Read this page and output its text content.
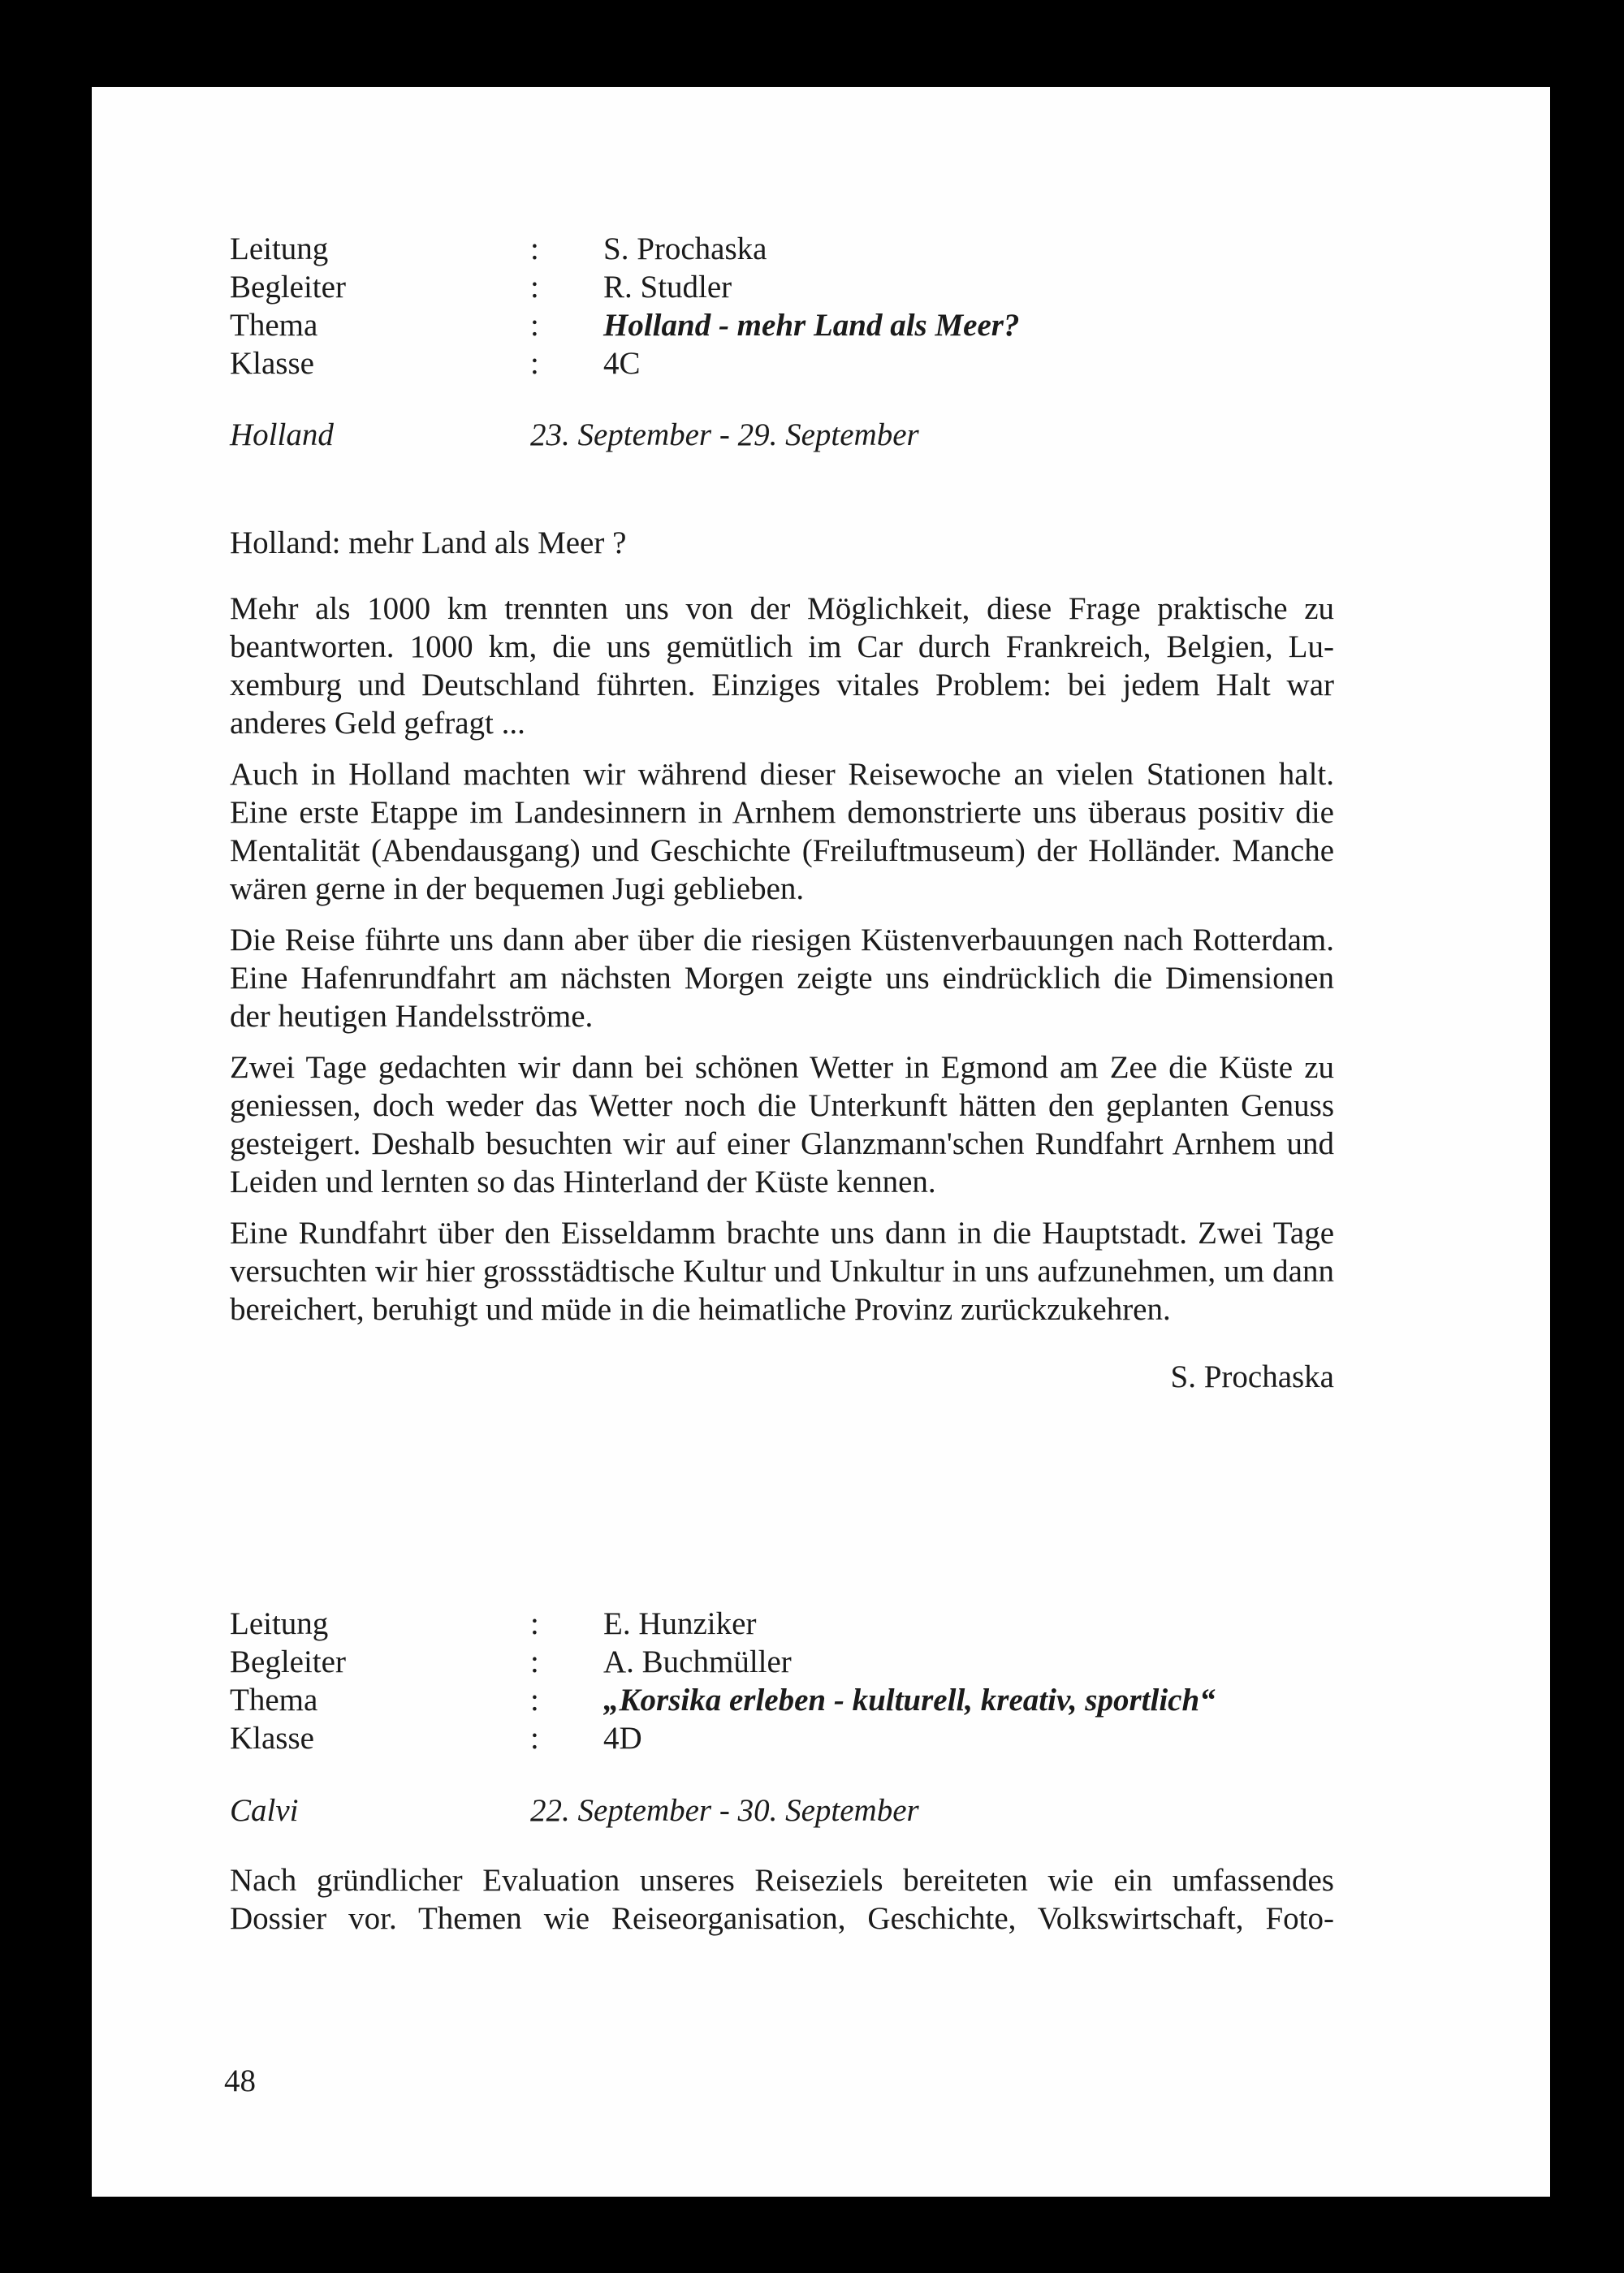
Leitung	: S. Prochaska
Begleiter	: R. Studler
Thema	: Holland - mehr Land als Meer?
Klasse	: 4C
Holland	23. September - 29. September
Holland: mehr Land als Meer ?

Mehr als 1000 km trennten uns von der Möglichkeit, diese Frage praktische zu beantworten. 1000 km, die uns gemütlich im Car durch Frankreich, Belgien, Luxemburg und Deutschland führten. Einziges vitales Problem: bei jedem Halt war anderes Geld gefragt ...

Auch in Holland machten wir während dieser Reisewoche an vielen Stationen halt. Eine erste Etappe im Landesinnern in Arnhem demonstrierte uns überaus positiv die Mentalität (Abendausgang) und Geschichte (Freiluftmuseum) der Holländer. Manche wären gerne in der bequemen Jugi geblieben.

Die Reise führte uns dann aber über die riesigen Küstenverbauungen nach Rotterdam. Eine Hafenrundfahrt am nächsten Morgen zeigte uns eindrücklich die Dimensionen der heutigen Handelsströme.

Zwei Tage gedachten wir dann bei schönen Wetter in Egmond am Zee die Küste zu geniessen, doch weder das Wetter noch die Unterkunft hätten den geplanten Genuss gesteigert. Deshalb besuchten wir auf einer Glanzmann'schen Rundfahrt Arnhem und Leiden und lernten so das Hinterland der Küste kennen.

Eine Rundfahrt über den Eisseldamm brachte uns dann in die Hauptstadt. Zwei Tage versuchten wir hier grossstädtische Kultur und Unkultur in uns aufzunehmen, um dann bereichert, beruhigt und müde in die heimatliche Provinz zurückzukehren.

S. Prochaska
Leitung	: E. Hunziker
Begleiter	: A. Buchmüller
Thema	: „Korsika erleben - kulturell, kreativ, sportlich“
Klasse	: 4D
Calvi	22. September - 30. September

Nach gründlicher Evaluation unseres Reiseziels bereiteten wie ein umfassendes Dossier vor. Themen wie Reiseorganisation, Geschichte, Volkswirtschaft, Foto-

48
